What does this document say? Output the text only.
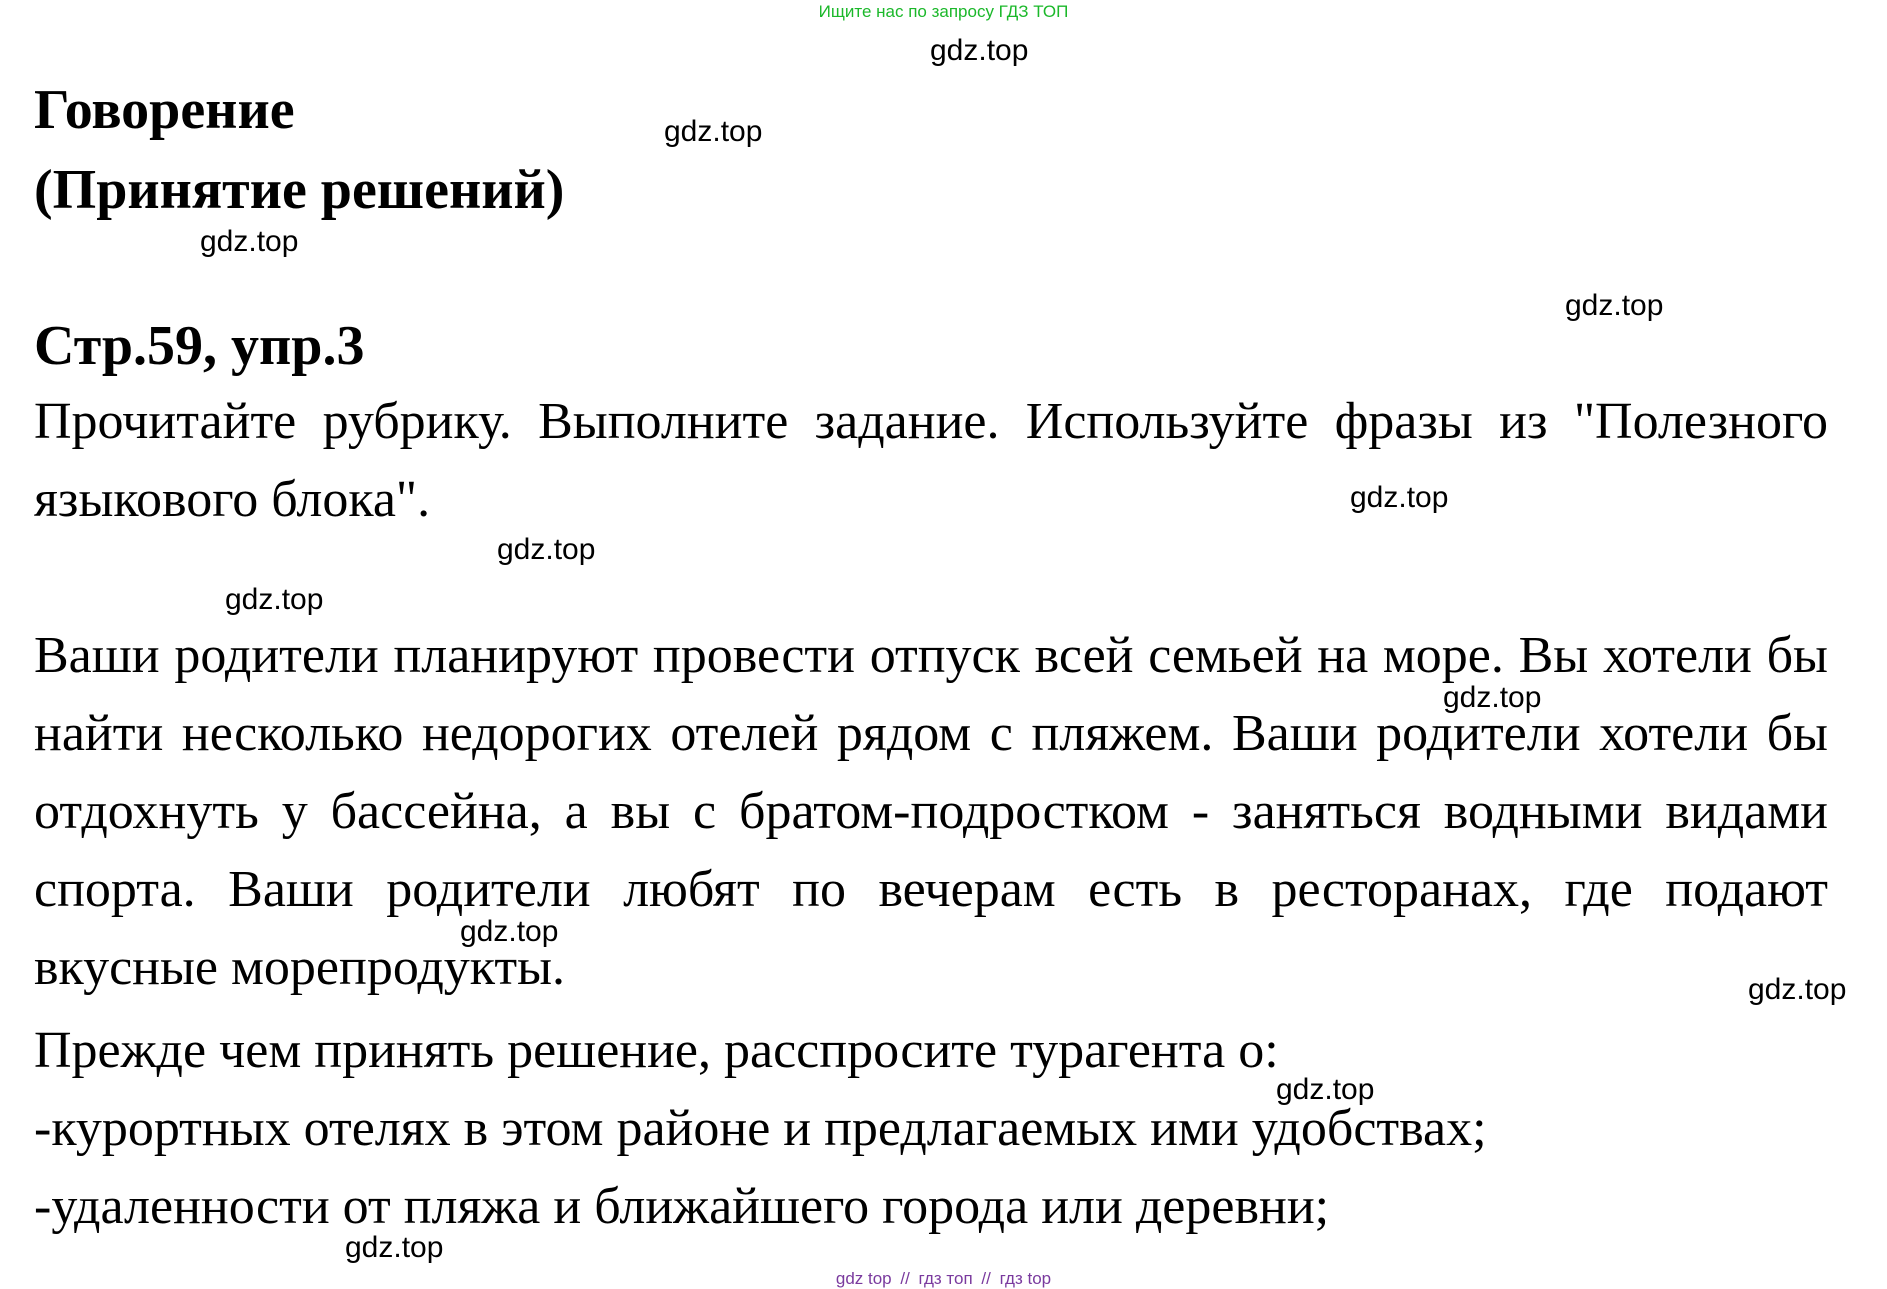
Ищите нас по запросу ГДЗ ТОП
Говорение
(Принятие решений)
Стр.59, упр.3
Прочитайте рубрику. Выполните задание. Используйте фразы из "Полезного языкового блока".
Ваши родители планируют провести отпуск всей семьей на море. Вы хотели бы найти несколько недорогих отелей рядом с пляжем. Ваши родители хотели бы отдохнуть у бассейна, а вы с братом-подростком - заняться водными видами спорта. Ваши родители любят по вечерам есть в ресторанах, где подают вкусные морепродукты.
Прежде чем принять решение, расспросите турагента о:
-курортных отелях в этом районе и предлагаемых ими удобствах;
-удаленности от пляжа и ближайшего города или деревни;
gdz.top
gdz.top
gdz.top
gdz.top
gdz.top
gdz.top
gdz.top
gdz.top
gdz.top
gdz.top
gdz.top
gdz.top
gdz top // гдз топ // гдз top
